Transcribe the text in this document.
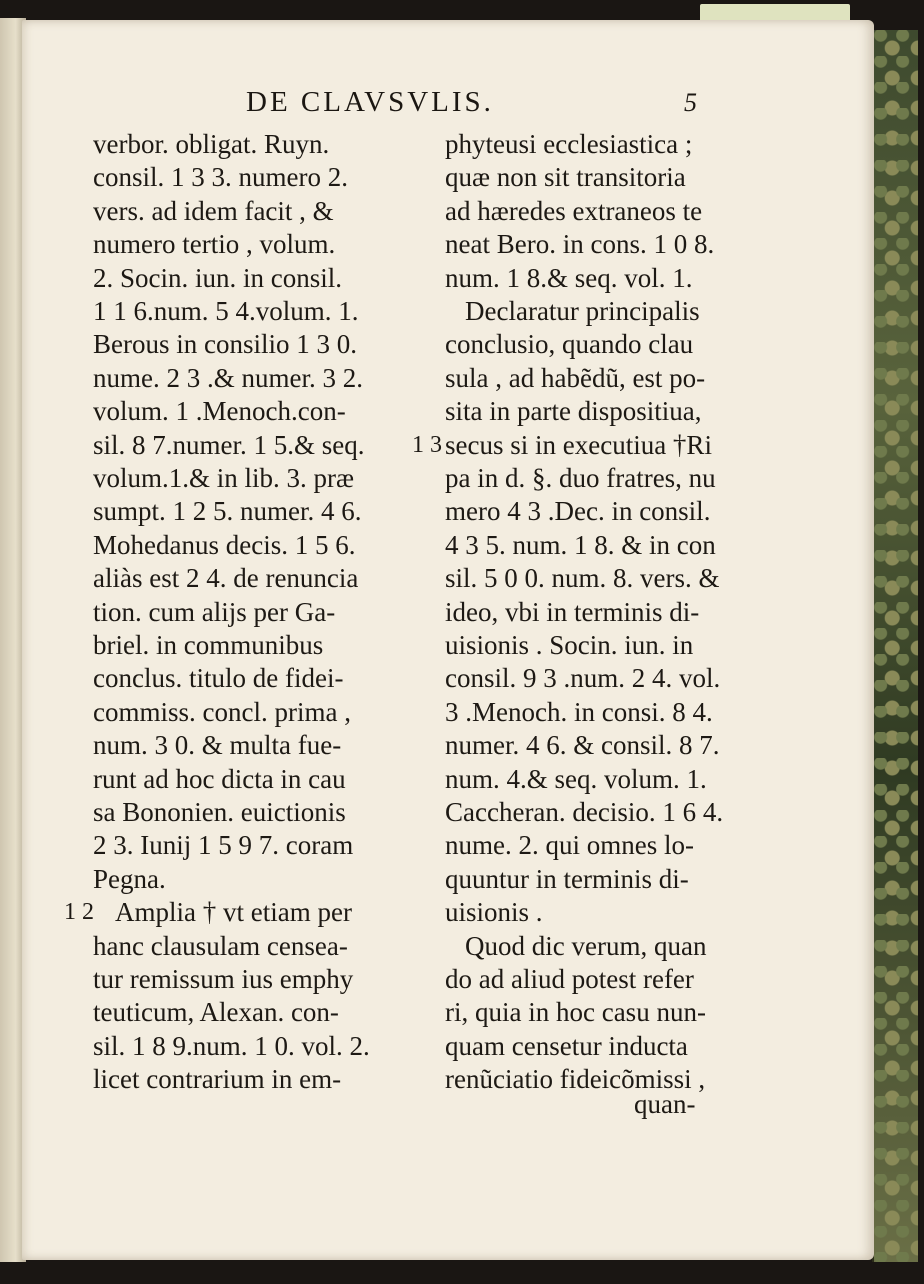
DE CLAVSVLIS.	5
verbor. obligat. Ruyn.
consil. 1 3 3. numero 2.
vers. ad idem facit , &
numero tertio , volum.
2. Socin. iun. in consil.
1 1 6.num. 5 4.volum. 1.
Berous in consilio 1 3 0.
nume. 2 3 .& numer. 3 2.
volum. 1 .Menoch.con-
sil. 8 7.numer. 1 5.& seq.
volum.1.& in lib. 3. præ
sumpt. 1 2 5. numer. 4 6.
Mohedanus decis. 1 5 6.
aliàs est 2 4. de renuncia
tion. cum alijs per Ga-
briel. in communibus
conclus. titulo de fidei-
commiss. concl. prima ,
num. 3 0. & multa fue-
runt ad hoc dicta in cau
sa Bononien. euictionis
2 3. Iunij 1 5 9 7. coram
Pegna.
Amplia † vt etiam per
hanc clausulam censea-
tur remissum ius emphy
teuticum, Alexan. con-
sil. 1 8 9.num. 1 0. vol. 2.
licet contrarium in em-
1 2
phyteusi ecclesiastica ;
quæ non sit transitoria
ad hæredes extraneos te
neat Bero. in cons. 1 0 8.
num. 1 8.& seq. vol. 1.
Declaratur principalis
conclusio, quando clau
sula , ad habẽdũ, est po-
sita in parte dispositiua,
secus si in executiua †Ri
pa in d. §. duo fratres, nu
mero 4 3 .Dec. in consil.
4 3 5. num. 1 8. & in con
sil. 5 0 0. num. 8. vers. &
ideo, vbi in terminis di-
uisionis . Socin. iun. in
consil. 9 3 .num. 2 4. vol.
3 .Menoch. in consi. 8 4.
numer. 4 6. & consil. 8 7.
num. 4.& seq. volum. 1.
Caccheran. decisio. 1 6 4.
nume. 2. qui omnes lo-
quuntur in terminis di-
uisionis .
Quod dic verum, quan
do ad aliud potest refer
ri, quia in hoc casu nun-
quam censetur inducta
renũciatio fideicõmissi ,
1 3
quan-
